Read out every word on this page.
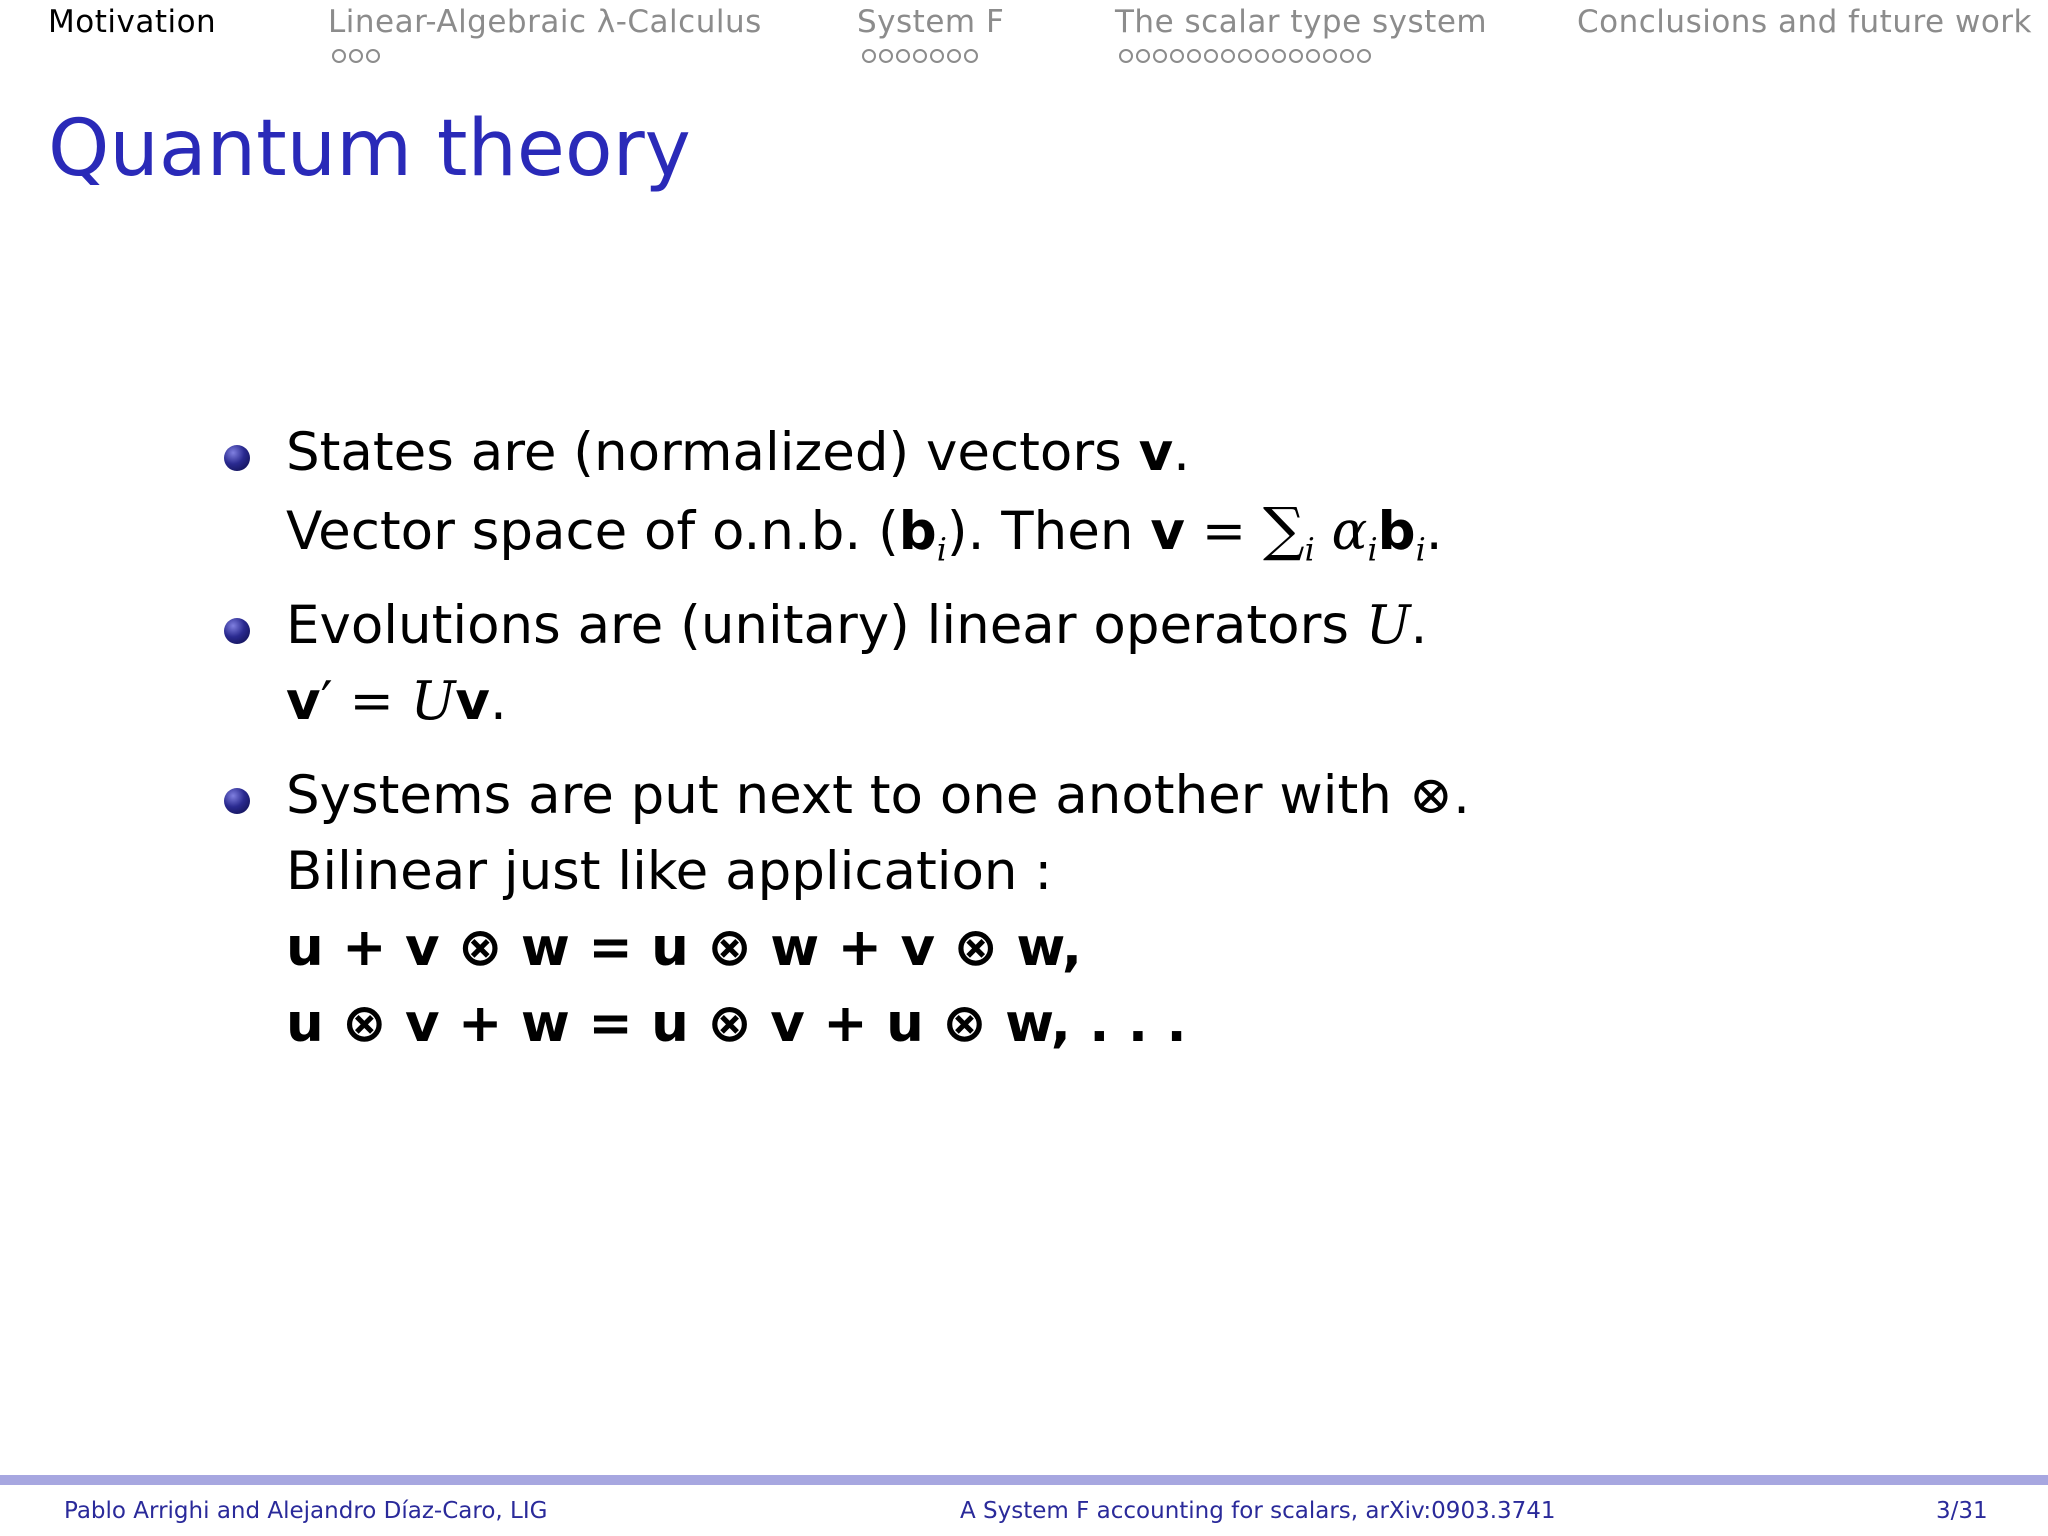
Motivation	Linear-Algebraic λ-Calculus	System F	The scalar type system	Conclusions and future work
Quantum theory
States are (normalized) vectors v.
Vector space of o.n.b. $(b_i)$. Then $v = \sum_i$ $\alpha_ib_i$.
Evolutions are (unitary) linear operators U.
v′ = Uv.
Systems are put next to one another with ⊗.
Bilinear just like application :
u + v ⊗ w = u ⊗ w + v ⊗ w,
u ⊗ v + w = u ⊗ v + u ⊗ w, . . .
Pablo Arrighi and Alejandro Díaz-Caro, LIG	A System F accounting for scalars, arXiv:0903.3741	3/31
